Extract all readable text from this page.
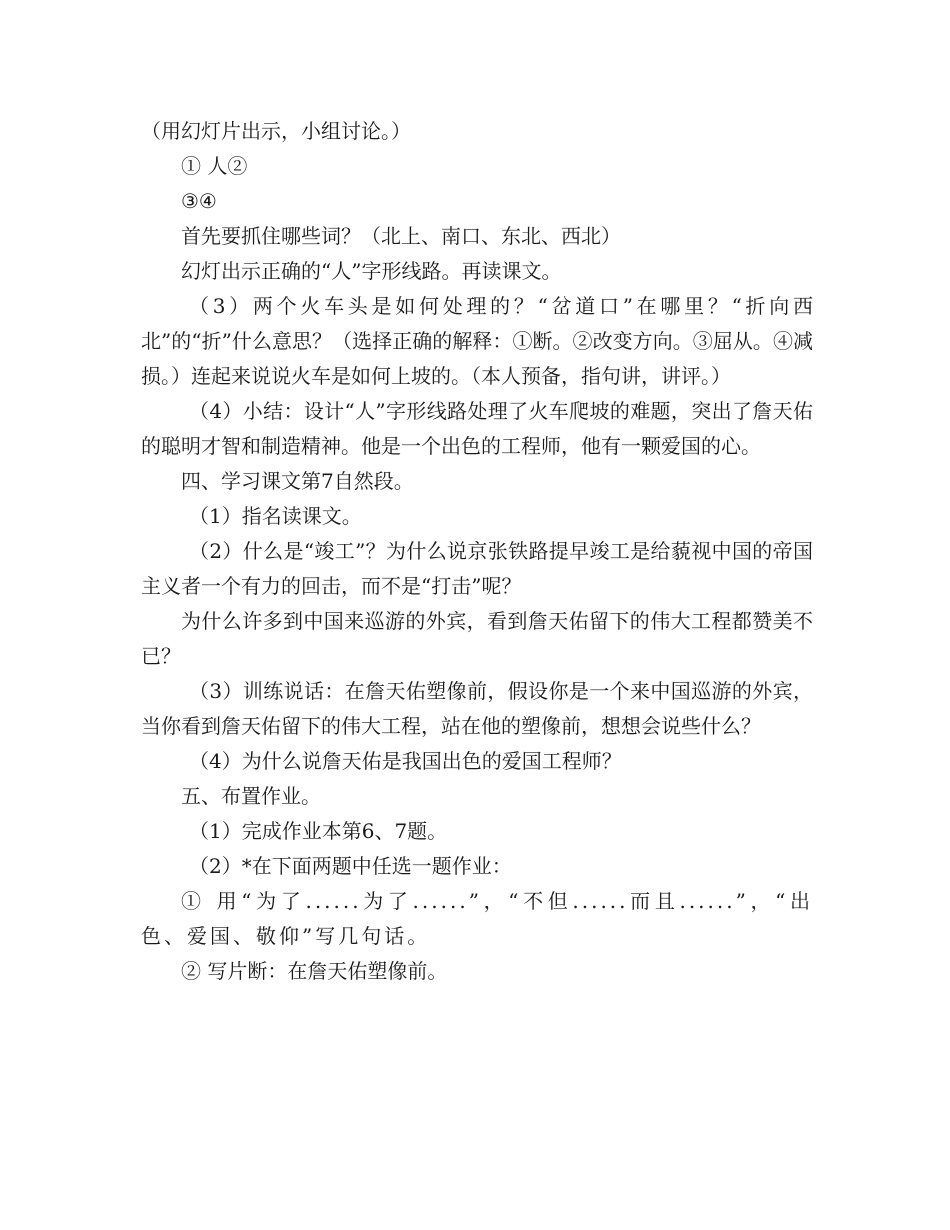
（用幻灯片出示，小组讨论。）

① 人②

③④

首先要抓住哪些词？（北上、南口、东北、西北）

幻灯出示正确的“人”字形线路。再读课文。

（3）两个火车头是如何处理的？“岔道口”在哪里？“折向西北”的“折”什么意思？（选择正确的解释：①断。②改变方向。③屈从。④减损。）连起来说说火车是如何上坡的。（本人预备，指句讲，讲评。）

（4）小结：设计“人”字形线路处理了火车爬坡的难题，突出了詹天佑的聪明才智和制造精神。他是一个出色的工程师，他有一颗爱国的心。

四、学习课文第7自然段。

（1）指名读课文。

（2）什么是“竣工”？为什么说京张铁路提早竣工是给藐视中国的帝国主义者一个有力的回击，而不是“打击”呢？

为什么许多到中国来巡游的外宾，看到詹天佑留下的伟大工程都赞美不已？

（3）训练说话：在詹天佑塑像前，假设你是一个来中国巡游的外宾，当你看到詹天佑留下的伟大工程，站在他的塑像前，想想会说些什么？

（4）为什么说詹天佑是我国出色的爱国工程师？

五、布置作业。

（1）完成作业本第6、7题。

（2）*在下面两题中任选一题作业：

① 用“为了......为了......”，“不但......而且......”，“出色、爱国、敬仰”写几句话。

② 写片断：在詹天佑塑像前。
